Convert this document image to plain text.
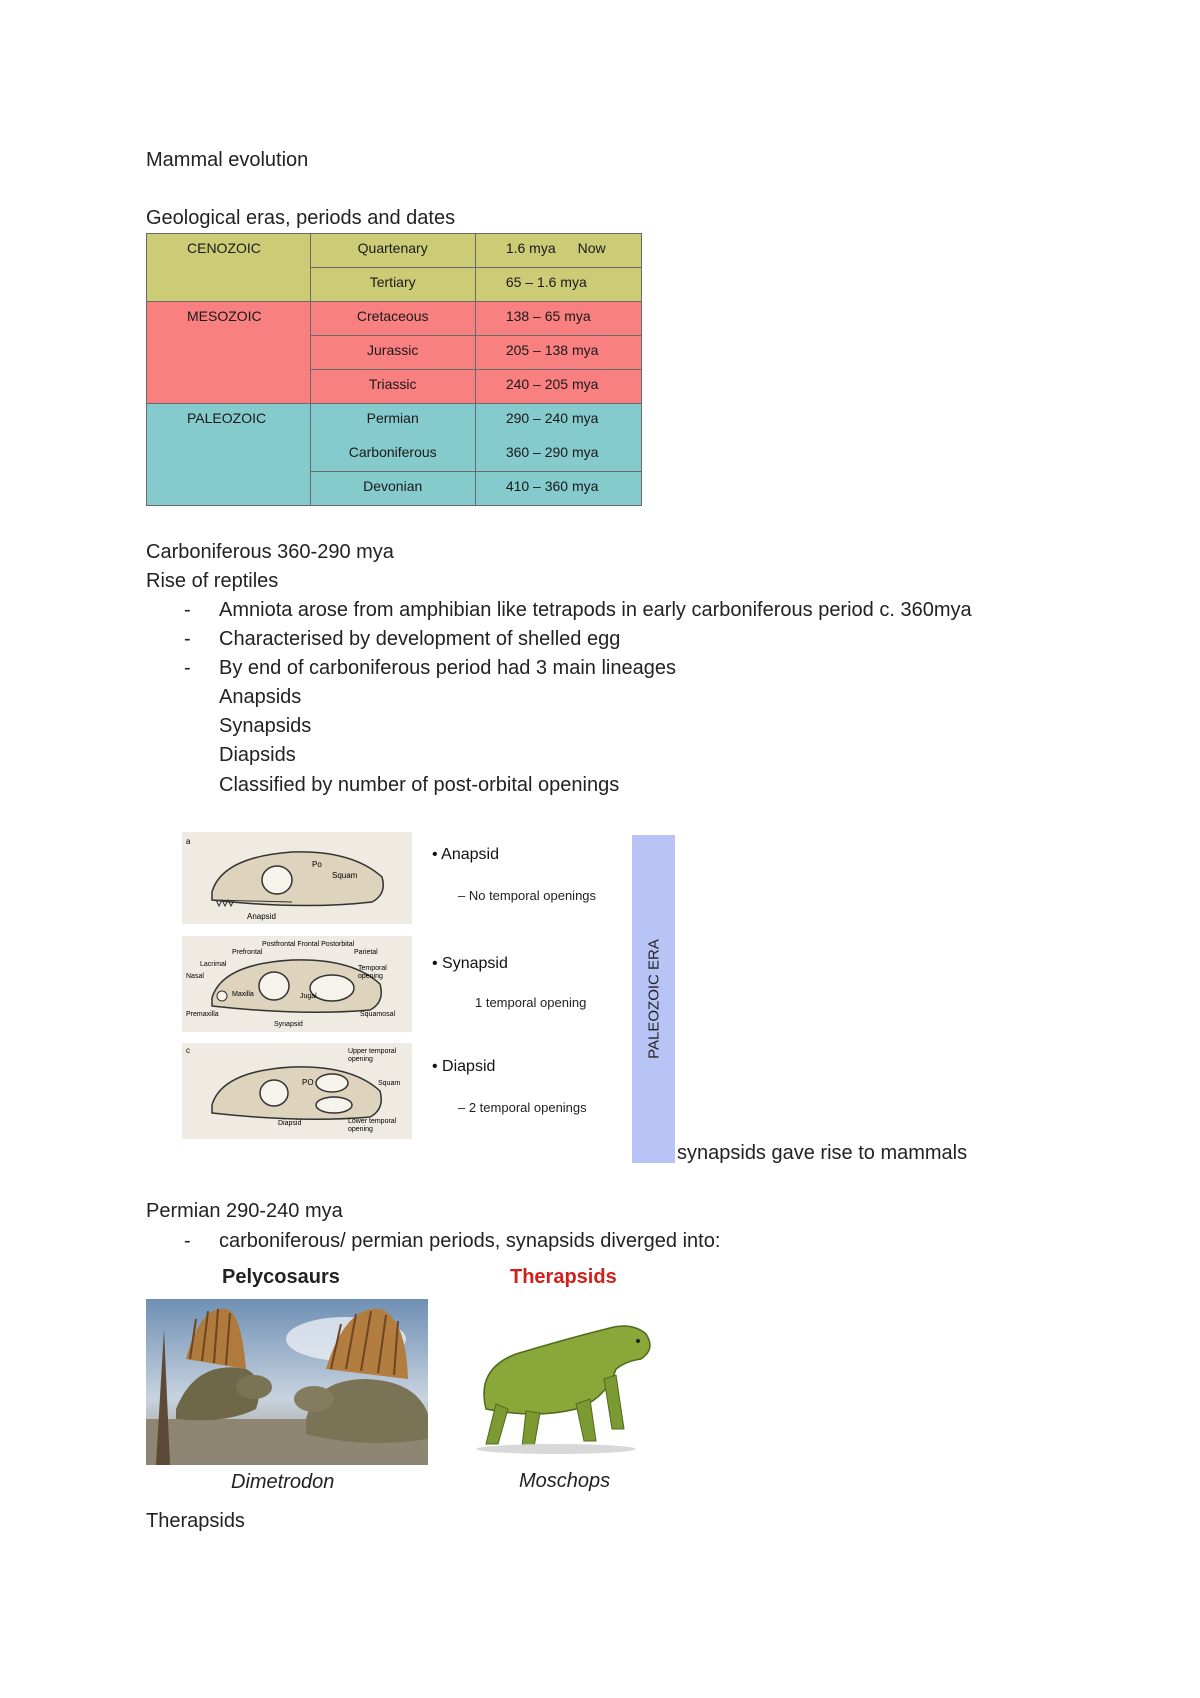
Mammal evolution
Geological eras, periods and dates
CENOZOIC	Quartenary	1.6 mya Now
	Tertiary	65 – 1.6 mya
MESOZOIC	Cretaceous	138 – 65 mya
	Jurassic	205 – 138 mya
	Triassic	240 – 205 mya
PALEOZOIC	Permian	290 – 240 mya
	Carboniferous	360 – 290 mya
	Devonian	410 – 360 mya
Carboniferous 360-290 mya
Rise of reptiles
- Amniota arose from amphibian like tetrapods in early carboniferous period c. 360mya
- Characterised by development of shelled egg
- By end of carboniferous period had 3 main lineages
Anapsids
Synapsids
Diapsids
Classified by number of post-orbital openings
Po
Squam
Anapsid
a
Postfrontal Frontal Postorbital
Prefrontal	Parietal
Lacrimal
Temporal
Nasal	opening
Maxilla	Jugal
Premaxilla	Squamosal
Synapsid
Upper temporal
opening
PO	Squam
Diapsid	Lower temporal
opening
c
• Anapsid
– No temporal openings
• Synapsid
1 temporal opening
• Diapsid
– 2 temporal openings
PALEOZOIC ERA
synapsids gave rise to mammals
Permian 290-240 mya
- carboniferous/ permian periods, synapsids diverged into:
Pelycosaurs	Therapsids
Dimetrodon	Moschops
Therapsids
